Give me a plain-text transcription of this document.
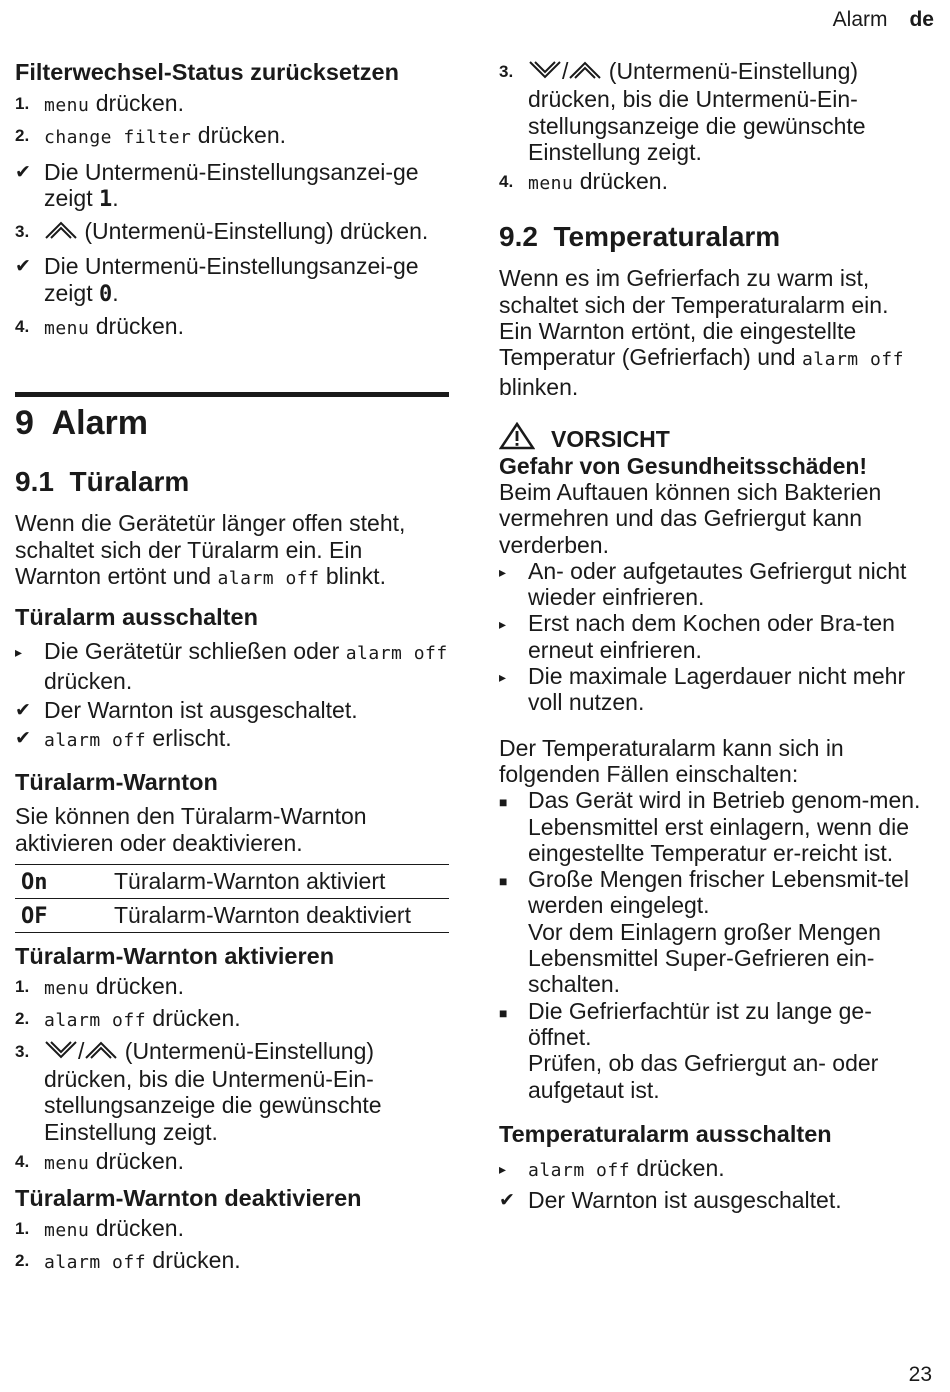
Alarm de

Filterwechsel-Status zurücksetzen

1. menu drücken.

2. change filter drücken.

✔ Die Untermenü-Einstellungsanzei-ge zeigt 1.

3. (Untermenü-Einstellung) drücken.

✔ Die Untermenü-Einstellungsanzei-ge zeigt 0.

4. menu drücken.

9 Alarm

9.1 Türalarm

Wenn die Gerätetür länger offen steht, schaltet sich der Türalarm ein. Ein Warnton ertönt und alarm off blinkt.

Türalarm ausschalten

▸ Die Gerätetür schließen oder alarm off drücken.

✔ Der Warnton ist ausgeschaltet.

✔ alarm off erlischt.

Türalarm-Warnton

Sie können den Türalarm-Warnton aktivieren oder deaktivieren.

On	Türalarm-Warnton aktiviert
OF	Türalarm-Warnton deaktiviert

Türalarm-Warnton aktivieren

1. menu drücken.

2. alarm off drücken.

3. / (Untermenü-Einstellung) drücken, bis die Untermenü-Ein-stellungsanzeige die gewünschte Einstellung zeigt.

4. menu drücken.

Türalarm-Warnton deaktivieren

1. menu drücken.

2. alarm off drücken.

3. / (Untermenü-Einstellung) drücken, bis die Untermenü-Ein-stellungsanzeige die gewünschte Einstellung zeigt.

4. menu drücken.

9.2 Temperaturalarm

Wenn es im Gefrierfach zu warm ist, schaltet sich der Temperaturalarm ein.

Ein Warnton ertönt, die eingestellte Temperatur (Gefrierfach) und alarm off blinken.

VORSICHT

Gefahr von Gesundheitsschäden!

Beim Auftauen können sich Bakterien vermehren und das Gefriergut kann verderben.

▸ An- oder aufgetautes Gefriergut nicht wieder einfrieren.

▸ Erst nach dem Kochen oder Bra-ten erneut einfrieren.

▸ Die maximale Lagerdauer nicht mehr voll nutzen.

Der Temperaturalarm kann sich in folgenden Fällen einschalten:

■ Das Gerät wird in Betrieb genom-men.
Lebensmittel erst einlagern, wenn die eingestellte Temperatur er-reicht ist.
■ Große Mengen frischer Lebensmit-tel werden eingelegt.
Vor dem Einlagern großer Mengen Lebensmittel Super-Gefrieren ein-schalten.
■ Die Gefrierfachtür ist zu lange ge-öffnet.
Prüfen, ob das Gefriergut an- oder aufgetaut ist.

Temperaturalarm ausschalten

▸ alarm off drücken.

✔ Der Warnton ist ausgeschaltet.

23
